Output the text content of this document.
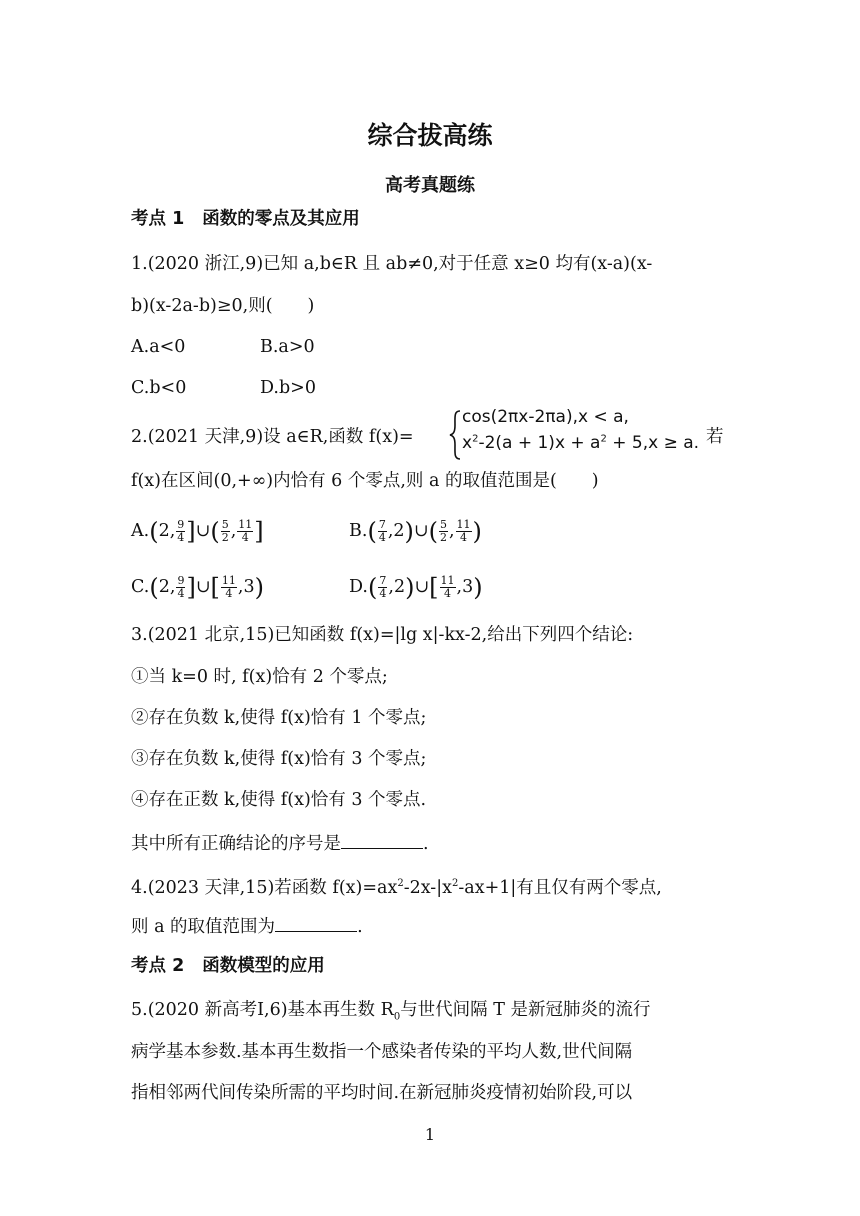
综合拔高练
高考真题练
考点 1 函数的零点及其应用
1.(2020 浙江,9)已知 a,b∈R 且 ab≠0,对于任意 x≥0 均有(x-a)(x-
b)(x-2a-b)≥0,则(　　)
A.a<0	B.a>0
C.b<0	D.b>0
2.(2021 天津,9)设 a∈R,函数 f(x)=
cos(2πx-2πa),x < a,
$x^2-2(a + 1)x + a^2 + 5,x \ge a$. 若
f(x)在区间(0,+∞)内恰有 6 个零点,则 a 的取值范围是(　　)
A.(2, $\frac{9}{4}$ ]∪( $\frac{5}{2}$ , $\frac{11}{4}$ ]	$B.( \frac{7}{4}$ ,2)∪( $\frac{5}{2}$ , $\frac{11}{4}$ )
C.(2, $\frac{9}{4}$ ]∪[ $\frac{11}{4} ,3$)	$D.( \frac{7}{4}$ ,2)∪[ $\frac{11}{4} ,3$)
3.(2021 北京,15)已知函数 f(x)=|lg x|-kx-2,给出下列四个结论:
①当 k=0 时, f(x)恰有 2 个零点;
②存在负数 k,使得 f(x)恰有 1 个零点;
③存在负数 k,使得 f(x)恰有 3 个零点;
④存在正数 k,使得 f(x)恰有 3 个零点.
其中所有正确结论的序号是	.
4.(2023 天津,15)若函数 $f(x)=ax^2-2x-|x^2-ax+1|$有且仅有两个零点,
则 a 的取值范围为	.
考点 2 函数模型的应用
5.(2020 新高考Ⅰ,6)基本再生数 $R_0$与世代间隔 T 是新冠肺炎的流行
病学基本参数.基本再生数指一个感染者传染的平均人数,世代间隔
指相邻两代间传染所需的平均时间.在新冠肺炎疫情初始阶段,可以
1
